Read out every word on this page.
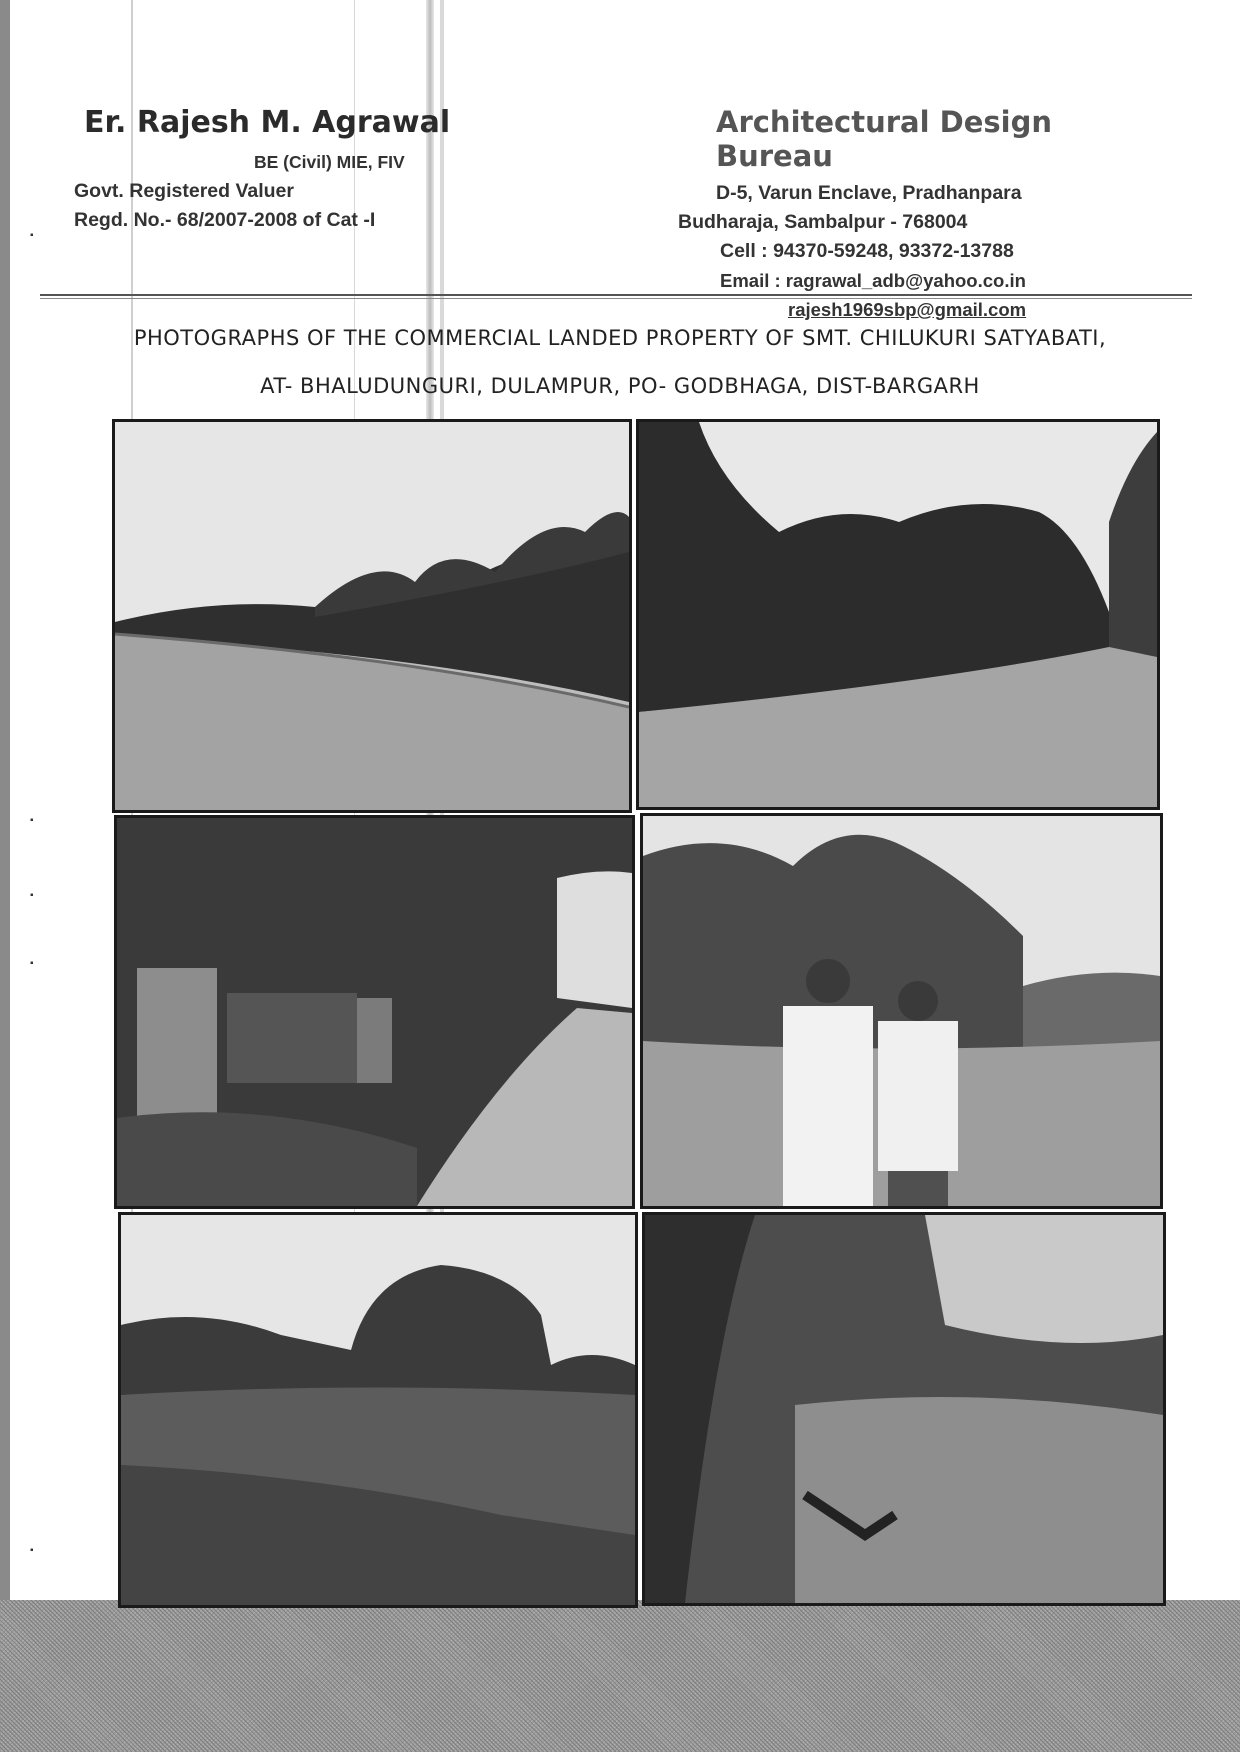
Er. Rajesh M. Agrawal
BE (Civil) MIE, FIV
Govt. Registered Valuer
Regd. No.- 68/2007-2008 of Cat -I
Architectural Design Bureau
D-5, Varun Enclave, Pradhanpara
Budharaja, Sambalpur - 768004
Cell : 94370-59248, 93372-13788
Email : ragrawal_adb@yahoo.co.in
rajesh1969sbp@gmail.com
PHOTOGRAPHS OF THE COMMERCIAL LANDED PROPERTY OF SMT. CHILUKURI SATYABATI,
AT- BHALUDUNGURI, DULAMPUR, PO- GODBHAGA, DIST-BARGARH
▪
▪
▪
▪
▪
